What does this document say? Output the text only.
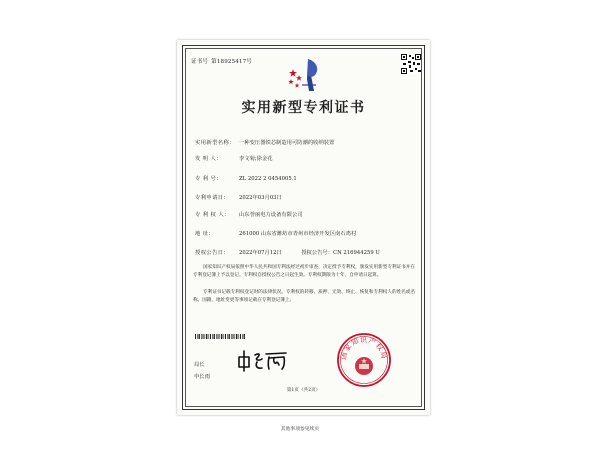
证书号 第18925417号
实用新型专利证书
实用新型名称： 一种变压器铁芯制造用可防潮的收纳装置
发 明 人：	李文菊;徐金花
专 利 号：	ZL 2022 2 0454005.1
专利申请日： 2022年03月03日
专 利 权 人： 山东誉丽电力设备有限公司
地 址：	261000 山东省潍坊市青州市经济开发区南石鸡村
授权公告日： 2022年07月12日	授权公告号：CN 216944259 U
国家知识产权局依照中华人民共和国专利法经过初步审查，决定授予专利权，颁发实用新型专利证书并在专利登记簿上予以登记。专利权自授权公告之日起生效。专利权期限为十年，自申请日起算。
专利证书记载专利权登记时的法律状况。专利权的转移、质押、无效、终止、恢复和专利权人的姓名或名称、国籍、地址变更等事项记载在专利登记簿上。
局长
申长雨
国家知识产权局
第1页（共2页）
其他事项参见续页
